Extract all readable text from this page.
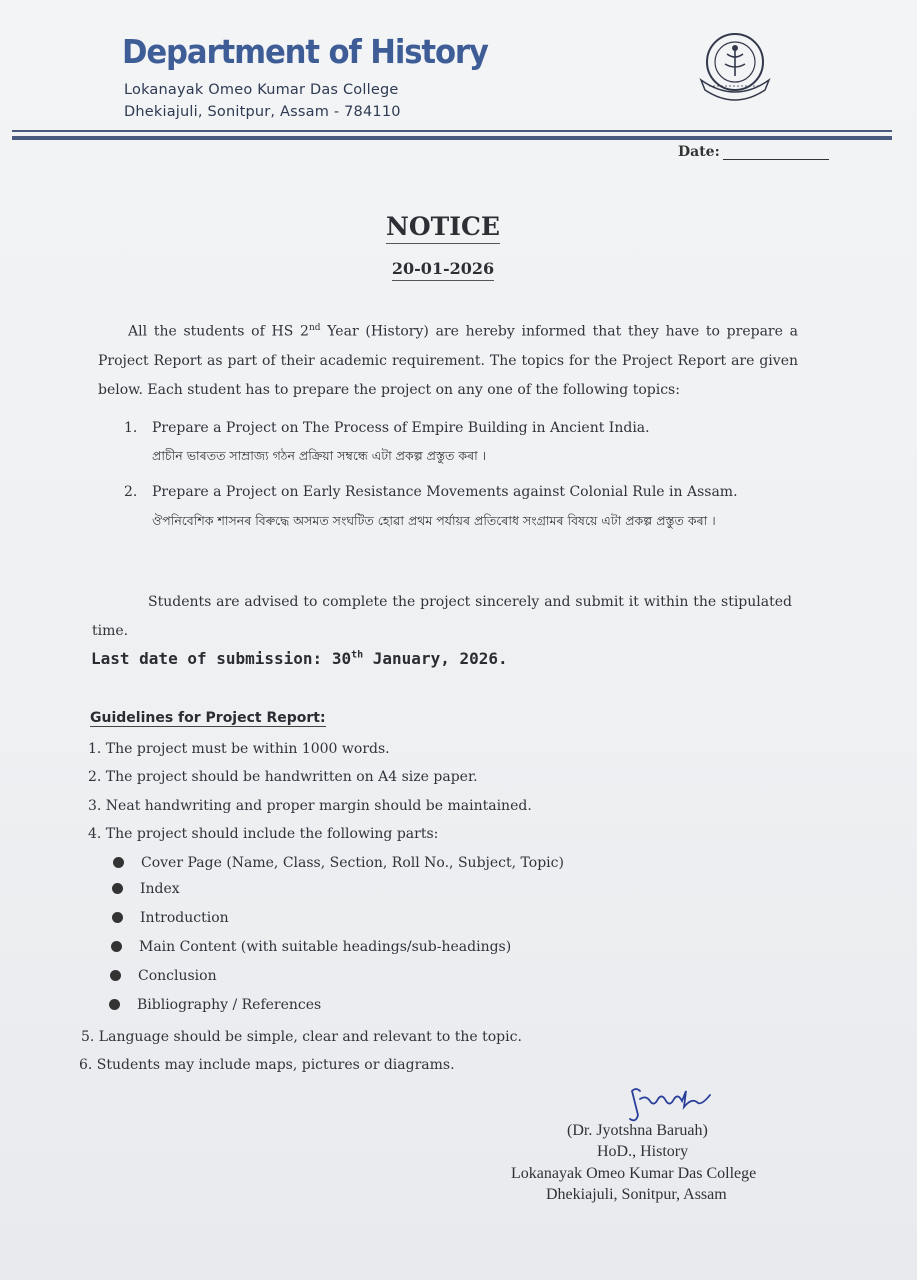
Department of History
Lokanayak Omeo Kumar Das College
Dhekiajuli, Sonitpur, Assam - 784110
Date:
NOTICE
20-01-2026
All the students of HS 2nd Year (History) are hereby informed that they have to prepare a Project Report as part of their academic requirement. The topics for the Project Report are given below. Each student has to prepare the project on any one of the following topics:
1. Prepare a Project on The Process of Empire Building in Ancient India.
প্ৰাচীন ভাৰতত সাম্ৰাজ্য গঠন প্ৰক্ৰিয়া সম্বন্ধে এটা প্ৰকল্প প্ৰস্তুত কৰা ।
2. Prepare a Project on Early Resistance Movements against Colonial Rule in Assam.
ঔপনিবেশিক শাসনৰ বিৰুদ্ধে অসমত সংঘটিত হোৱা প্ৰথম পৰ্যায়ৰ প্ৰতিৰোধ সংগ্ৰামৰ বিষয়ে এটা প্ৰকল্প প্ৰস্তুত কৰা ।
Students are advised to complete the project sincerely and submit it within the stipulated time.
Last date of submission: 30th January, 2026.
Guidelines for Project Report:
1. The project must be within 1000 words.
2. The project should be handwritten on A4 size paper.
3. Neat handwriting and proper margin should be maintained.
4. The project should include the following parts:
Cover Page (Name, Class, Section, Roll No., Subject, Topic)
Index
Introduction
Main Content (with suitable headings/sub-headings)
Conclusion
Bibliography / References
5. Language should be simple, clear and relevant to the topic.
6. Students may include maps, pictures or diagrams.
(Dr. Jyotshna Baruah)
HoD., History
Lokanayak Omeo Kumar Das College
Dhekiajuli, Sonitpur, Assam
